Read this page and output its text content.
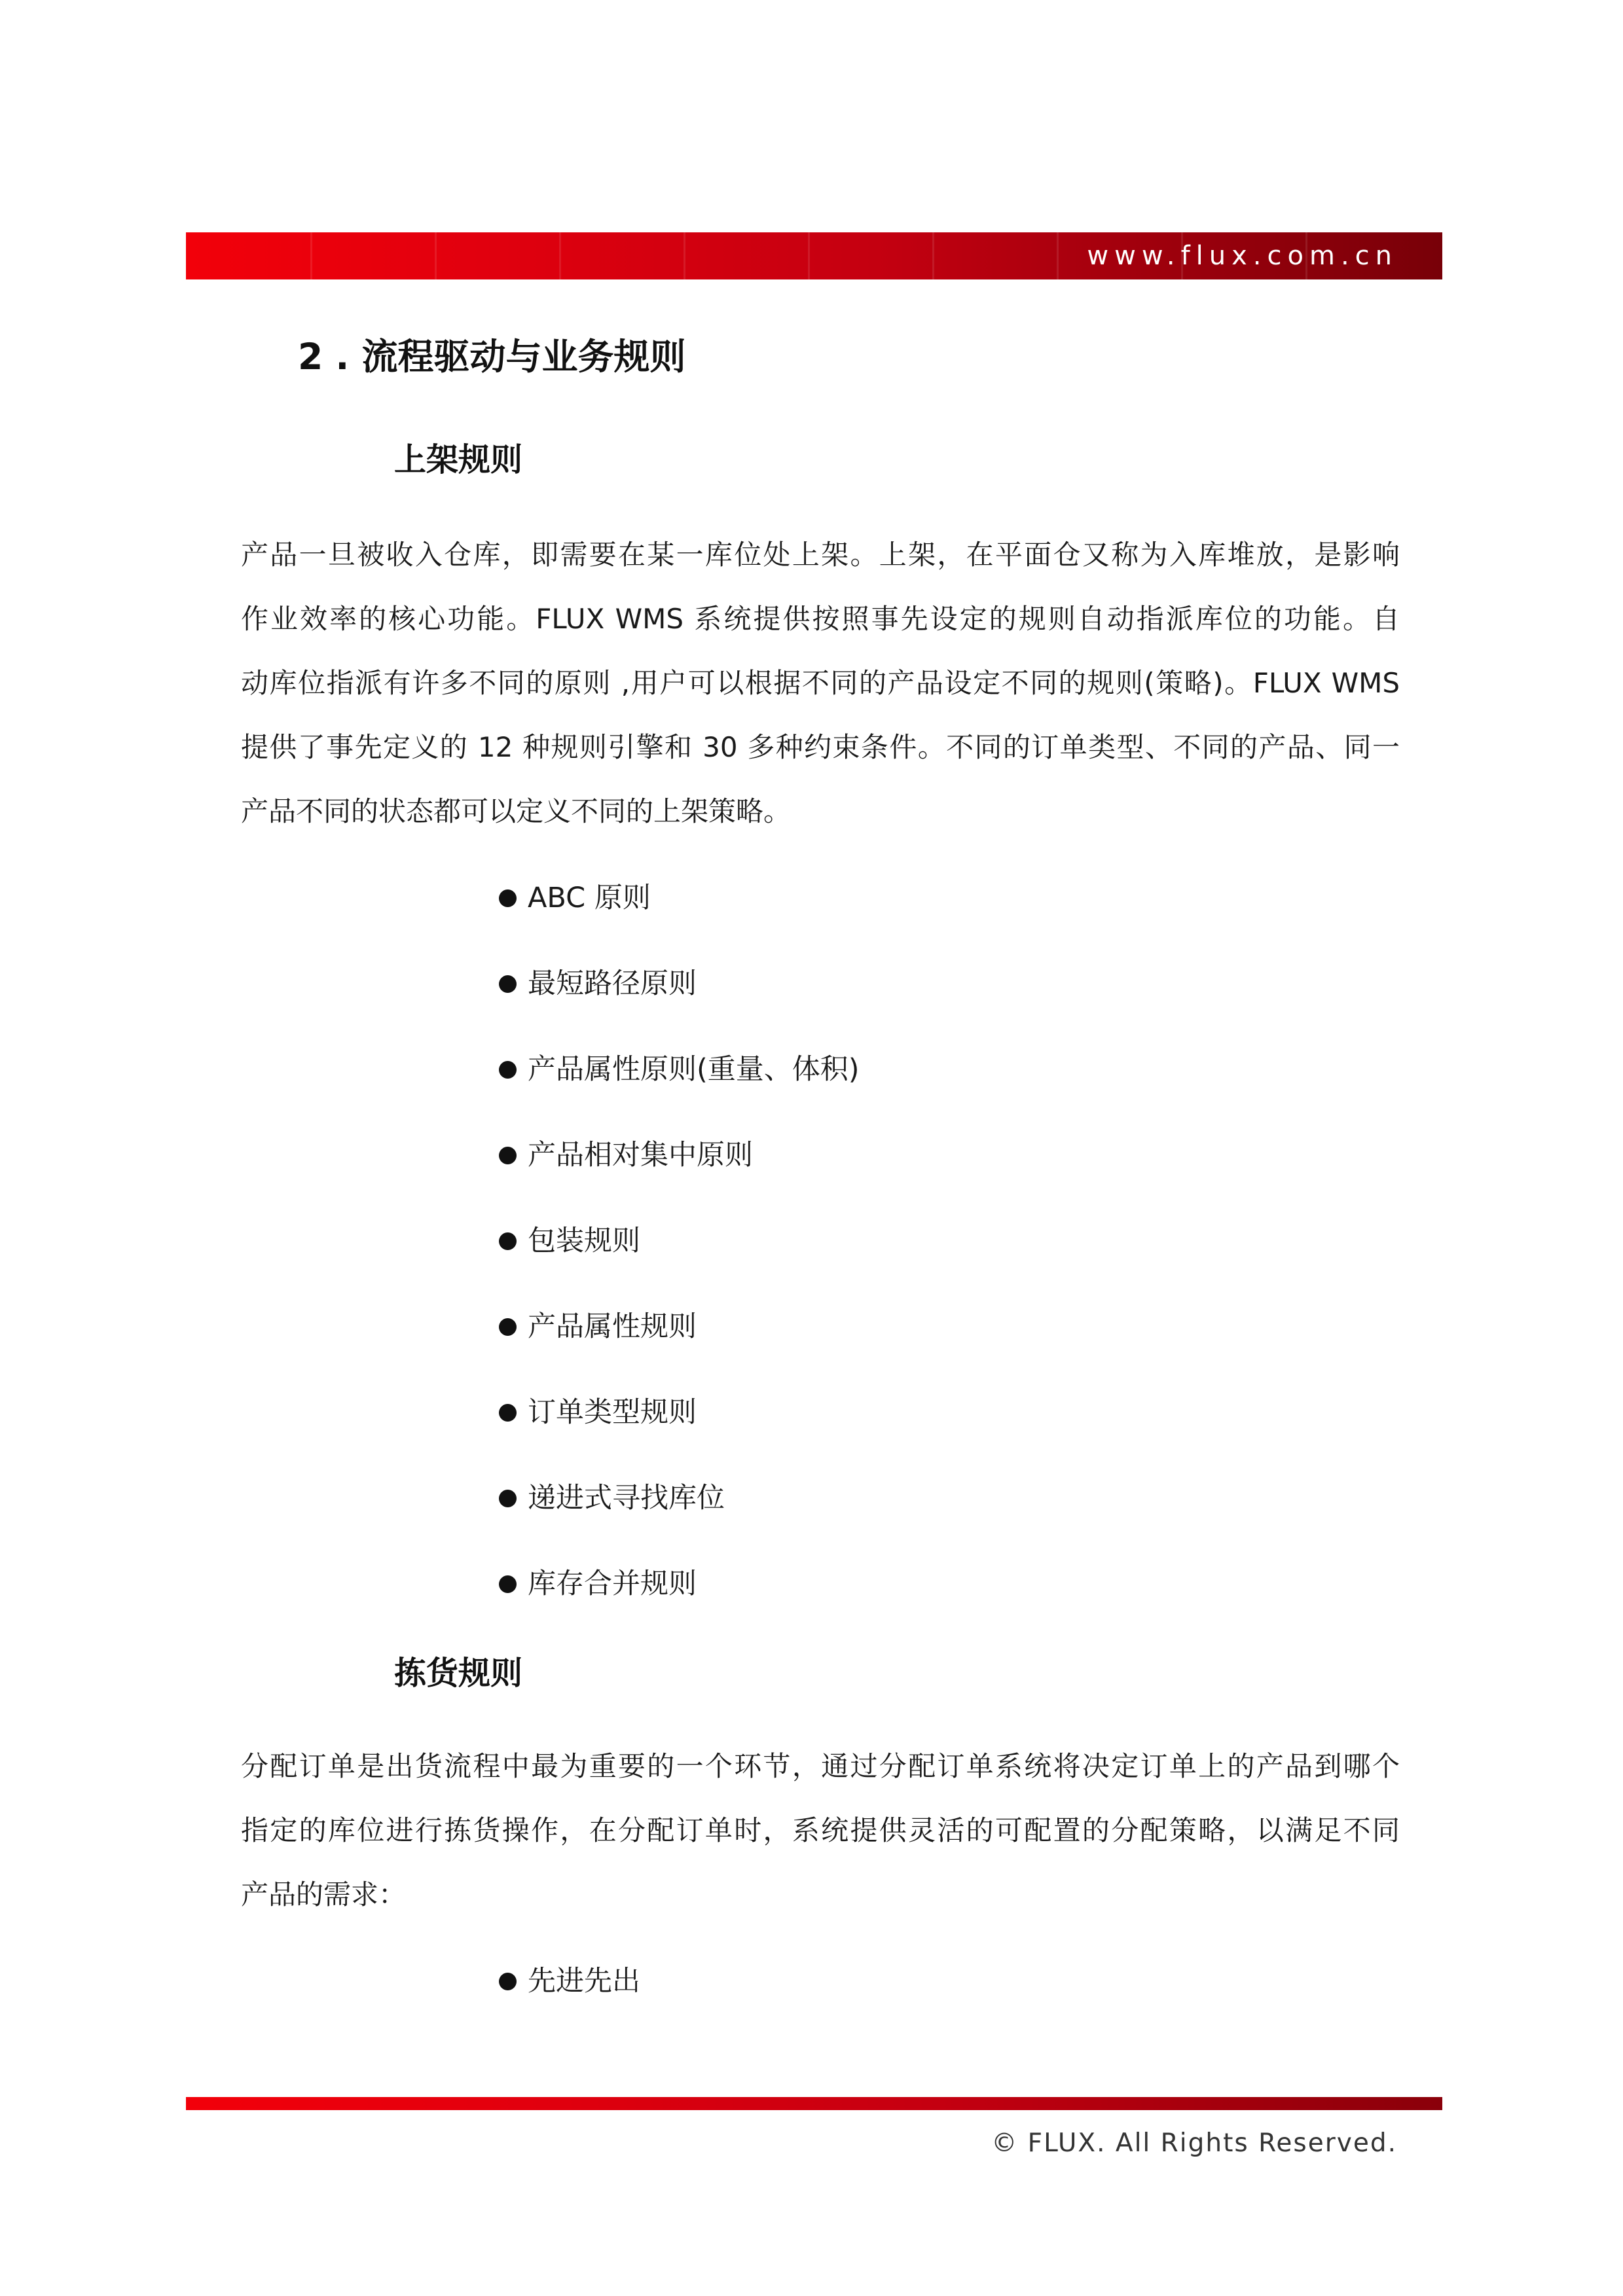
www.flux.com.cn
2 . 流程驱动与业务规则
上架规则
产品一旦被收入仓库，即需要在某一库位处上架。上架，在平面仓又称为入库堆放，是影响
作业效率的核心功能。FLUX WMS 系统提供按照事先设定的规则自动指派库位的功能。自
动库位指派有许多不同的原则 ,用户可以根据不同的产品设定不同的规则(策略)。FLUX WMS
提供了事先定义的 12 种规则引擎和 30 多种约束条件。不同的订单类型、不同的产品、同一
产品不同的状态都可以定义不同的上架策略。
ABC 原则
最短路径原则
产品属性原则(重量、体积)
产品相对集中原则
包装规则
产品属性规则
订单类型规则
递进式寻找库位
库存合并规则
拣货规则
分配订单是出货流程中最为重要的一个环节，通过分配订单系统将决定订单上的产品到哪个
指定的库位进行拣货操作，在分配订单时，系统提供灵活的可配置的分配策略，以满足不同
产品的需求：
先进先出
© FLUX. All Rights Reserved.
